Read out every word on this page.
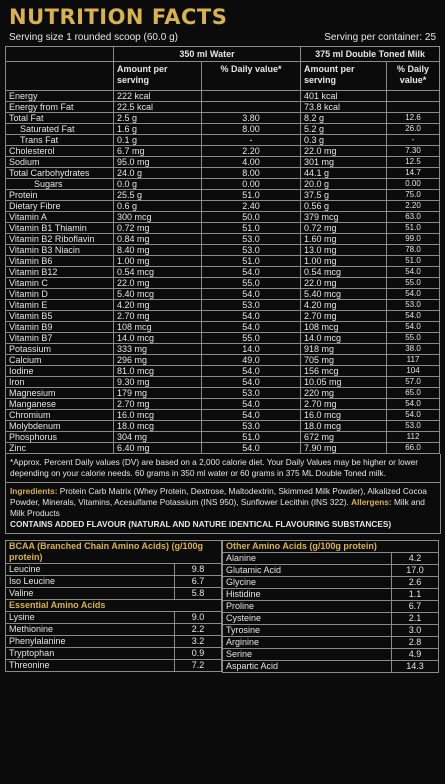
NUTRITION FACTS
Serving size 1 rounded scoop (60.0 g)	Serving per container: 25
	350 ml Water		375 ml Double Toned Milk	
	Amount per serving	% Daily value*	Amount per serving	% Daily value*
Energy	222 kcal		401 kcal	
Energy from Fat	22.5 kcal		73.8 kcal	
Total Fat	2.5 g	3.80	8.2 g	12.6
Saturated Fat	1.6 g	8.00	5.2 g	26.0
Trans Fat	0.1 g	-	0.3 g	-
Cholesterol	6.7 mg	2.20	22.0 mg	7.30
Sodium	95.0 mg	4.00	301 mg	12.5
Total Carbohydrates	24.0 g	8.00	44.1 g	14.7
Sugars	0.0 g	0.00	20.0 g	0.00
Protein	25.5 g	51.0	37.5 g	75.0
Dietary Fibre	0.6 g	2.40	0.56 g	2.20
Vitamin A	300 mcg	50.0	379 mcg	63.0
Vitamin B1 Thiamin	0.72 mg	51.0	0.72 mg	51.0
Vitamin B2 Riboflavin	0.84 mg	53.0	1.60 mg	99.0
Vitamin B3 Niacin	8.40 mg	53.0	13.0 mg	78.0
Vitamin B6	1.00 mg	51.0	1.00 mg	51.0
Vitamin B12	0.54 mcg	54.0	0.54 mcg	54.0
Vitamin C	22.0 mg	55.0	22.0 mg	55.0
Vitamin D	5.40 mcg	54.0	5.40 mcg	54.0
Vitamin E	4.20 mg	53.0	4.20 mg	53.0
Vitamin B5	2.70 mg	54.0	2.70 mg	54.0
Vitamin B9	108 mcg	54.0	108 mcg	54.0
Vitamin B7	14.0 mcg	55.0	14.0 mcg	55.0
Potassium	333 mg	14.0	918 mg	38.0
Calcium	296 mg	49.0	705 mg	117
Iodine	81.0 mcg	54.0	156 mcg	104
Iron	9.30 mg	54.0	10.05 mg	57.0
Magnesium	179 mg	53.0	220 mg	65.0
Manganese	2.70 mg	54.0	2.70 mg	54.0
Chromium	16.0 mcg	54.0	16.0 mcg	54.0
Molybdenum	18.0 mcg	53.0	18.0 mcg	53.0
Phosphorus	304 mg	51.0	672 mg	112
Zinc	6.40 mg	54.0	7.90 mg	66.0
*Approx. Percent Daily values (DV) are based on a 2,000 calorie diet. Your Daily Values may be higher or lower depending on your calorie needs. 60 grams in 350 ml water or 60 grams in 375 ML Double Toned milk.
Ingredients: Protein Carb Matrix (Whey Protein, Dextrose, Maltodextrin, Skimmed Milk Powder), Alkalized Cocoa Powder, Minerals, Vitamins, Acesulfame Potassium (INS 950), Sunflower Lecithin (INS 322). Allergens: Milk and Milk Products
CONTAINS ADDED FLAVOUR (NATURAL AND NATURE IDENTICAL FLAVOURING SUBSTANCES)
BCAA (Branched Chain Amino Acids) (g/100g protein)	
Leucine	9.8
Iso Leucine	6.7
Valine	5.8
Essential Amino Acids	
Lysine	9.0
Methionine	2.2
Phenylalanine	3.2
Tryptophan	0.9
Threonine	7.2
Other Amino Acids (g/100g protein)	
Alanine	4.2
Glutamic Acid	17.0
Glycine	2.6
Histidine	1.1
Proline	6.7
Cysteine	2.1
Tyrosine	3.0
Arginine	2.8
Serine	4.9
Aspartic Acid	14.3
